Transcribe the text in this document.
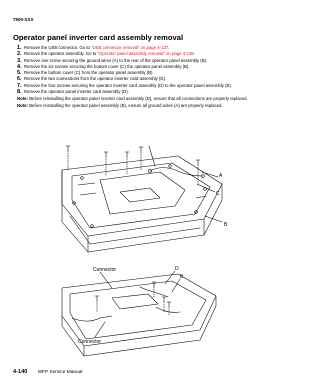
7500-XXX
Operator panel inverter card assembly removal
1. Remove the USB connector. Go to “USB connector removal” on page 4-137.
2. Remove the operator assembly. Go to “Operator panel assembly removal” on page 4-138.
3. Remove one screw securing the ground wires (A) to the rear of the operator panel assembly (B).
4. Remove the six screws securing the bottom cover (C) the operator panel assembly (B).
5. Remove the bottom cover (C) from the operator panel assembly (B).
6. Remove the two connections from the operator inverter card assembly (D).
7. Remove the four screws securing the operator inverter card assembly (D) to the operator panel assembly (B).
8. Remove the operator panel inverter card assembly (D).
Note: Before reinstalling the operator panel inverter card assembly (D), ensure that all connections are properly replaced.
Note: Before reinstalling the operator panel assembly (B), ensure all ground wires (A) are properly replaced.
A
C
B
D
B
Connector
Connector
4-140 MFP Service Manual
